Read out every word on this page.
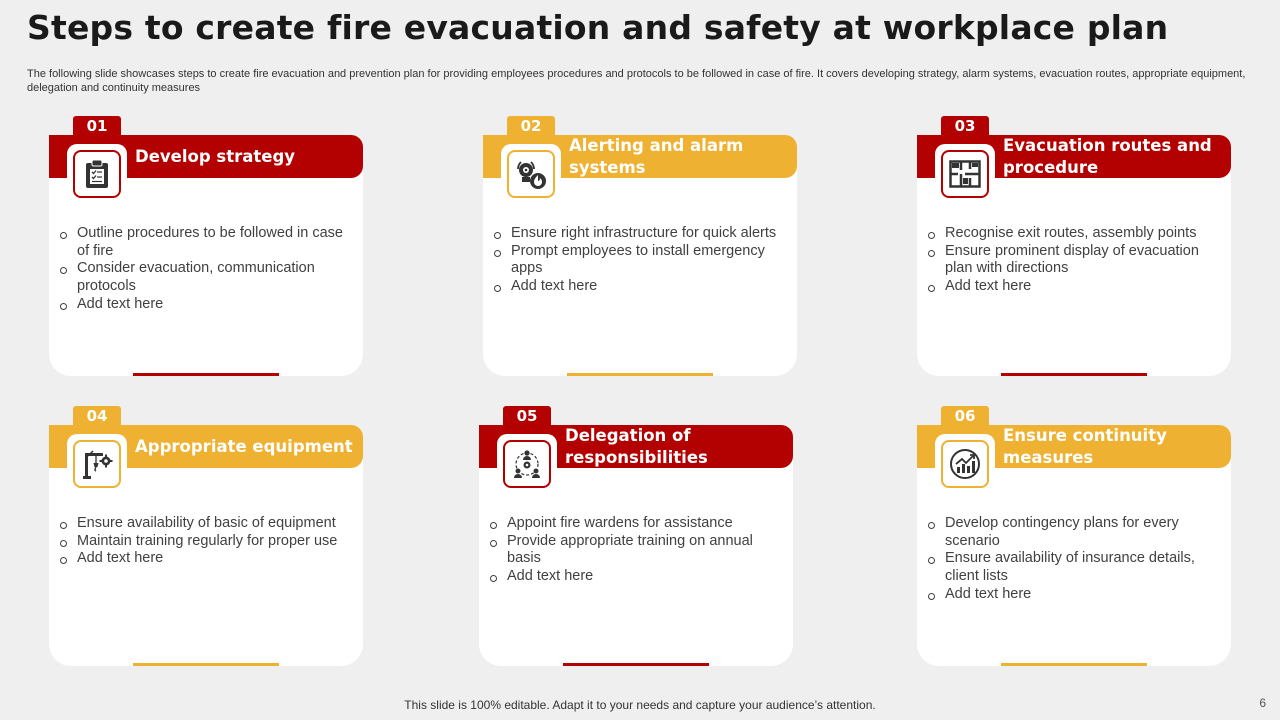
Steps to create fire evacuation and safety at workplace plan
The following slide showcases steps to create fire evacuation and prevention plan for providing employees procedures and protocols to be followed in case of fire. It covers developing strategy, alarm systems, evacuation routes, appropriate equipment, delegation and continuity measures
01
Develop strategy
Outline procedures to be followed in case of fire
Consider evacuation, communication protocols
Add text here
02
Alerting and alarm systems
Ensure right infrastructure for quick alerts
Prompt employees to install emergency apps
Add text here
03
Evacuation routes and procedure
Recognise exit routes, assembly points
Ensure prominent display of evacuation plan with directions
Add text here
04
Appropriate equipment
Ensure availability of basic of equipment
Maintain training regularly for proper use
Add text here
05
Delegation of responsibilities
Appoint fire wardens for assistance
Provide appropriate training on annual basis
Add text here
06
Ensure continuity measures
Develop contingency plans for every scenario
Ensure availability of insurance details, client lists
Add text here
This slide is 100% editable. Adapt it to your needs and capture your audience’s attention.	6
